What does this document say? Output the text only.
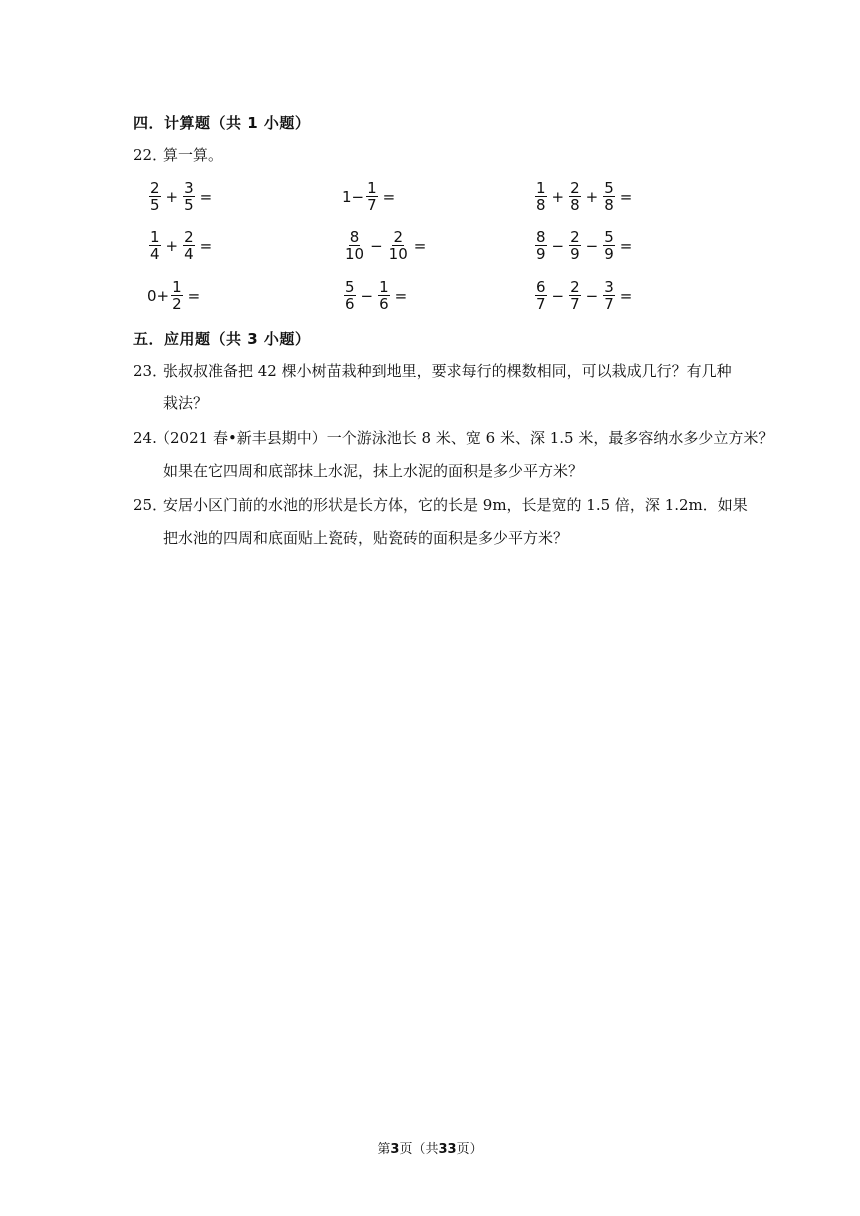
四．计算题（共 1 小题）
22．算一算。
$\frac{2}{5} + \frac{3}{5}$ =	$1- \frac{1}{7}$ =	$\frac{1}{8} + \frac{2}{8} + \frac{5}{8}$ =
$\frac{1}{4} + \frac{2}{4}$ =	$\frac{8}{10} - \frac{2}{10}$ =	$\frac{8}{9} - \frac{2}{9} - \frac{5}{9}$ =
$0+ \frac{1}{2}$ =	$\frac{5}{6} - \frac{1}{6}$ =	$\frac{6}{7} - \frac{2}{7} - \frac{3}{7}$ =
五．应用题（共 3 小题）
23．张叔叔准备把 42 棵小树苗栽种到地里，要求每行的棵数相同，可以栽成几行？有几种
栽法？
24.（2021 春•新丰县期中）一个游泳池长 8 米、宽 6 米、深 1.5 米，最多容纳水多少立方米？
如果在它四周和底部抹上水泥，抹上水泥的面积是多少平方米？
25．安居小区门前的水池的形状是长方体，它的长是 9m，长是宽的 1.5 倍，深 1.2m．如果
把水池的四周和底面贴上瓷砖，贴瓷砖的面积是多少平方米？
第3页（共33页）
